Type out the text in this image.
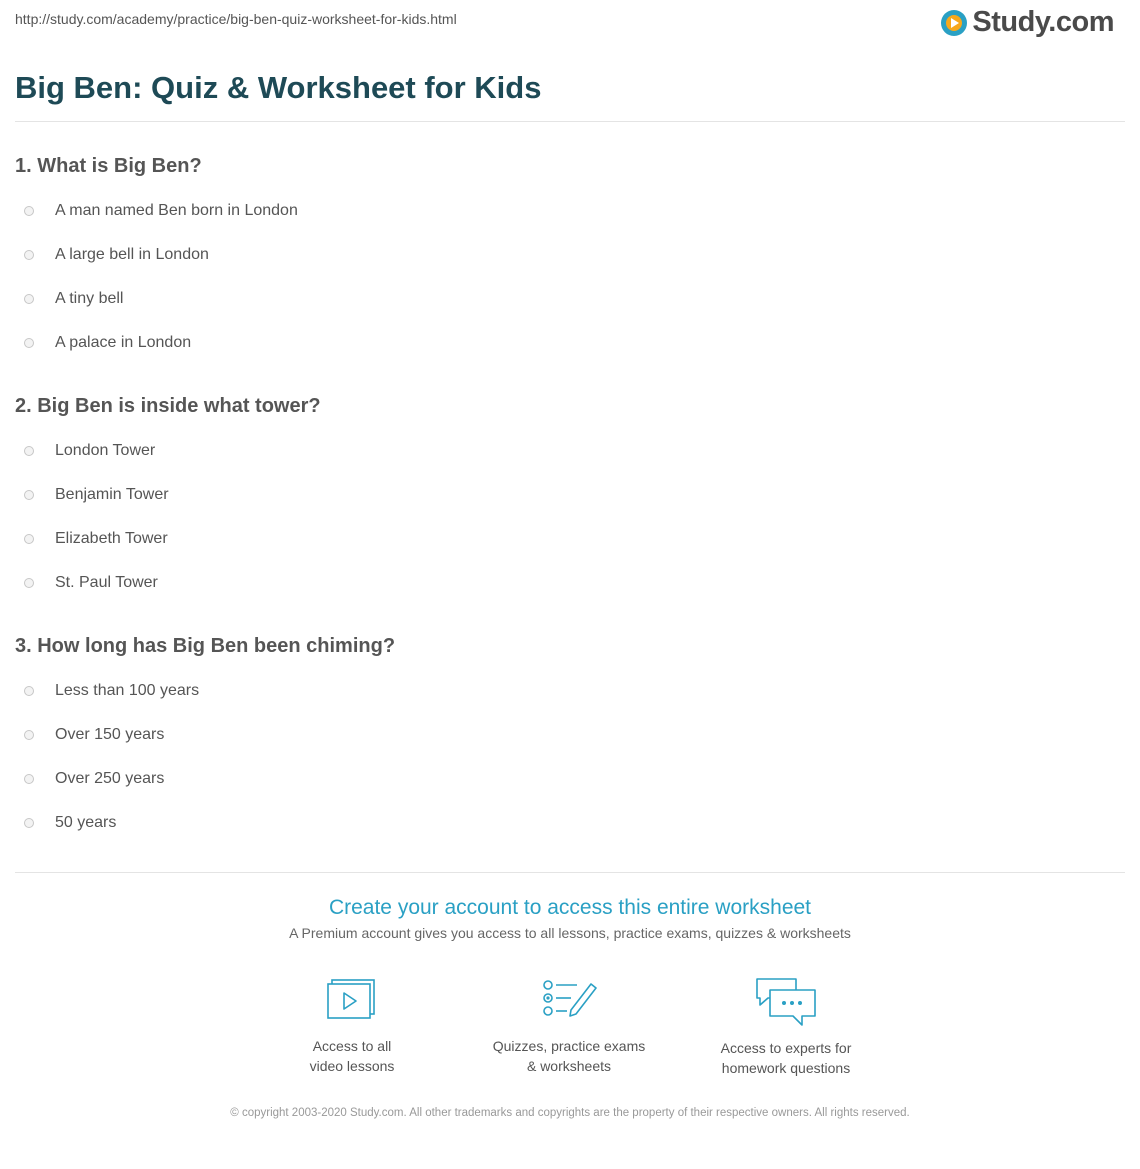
http://study.com/academy/practice/big-ben-quiz-worksheet-for-kids.html	Study.com
Big Ben: Quiz & Worksheet for Kids
1. What is Big Ben?
A man named Ben born in London
A large bell in London
A tiny bell
A palace in London
2. Big Ben is inside what tower?
London Tower
Benjamin Tower
Elizabeth Tower
St. Paul Tower
3. How long has Big Ben been chiming?
Less than 100 years
Over 150 years
Over 250 years
50 years
Create your account to access this entire worksheet
A Premium account gives you access to all lessons, practice exams, quizzes & worksheets
Access to all
video lessons
Quizzes, practice exams
& worksheets
Access to experts for
homework questions
© copyright 2003-2020 Study.com. All other trademarks and copyrights are the property of their respective owners. All rights reserved.
